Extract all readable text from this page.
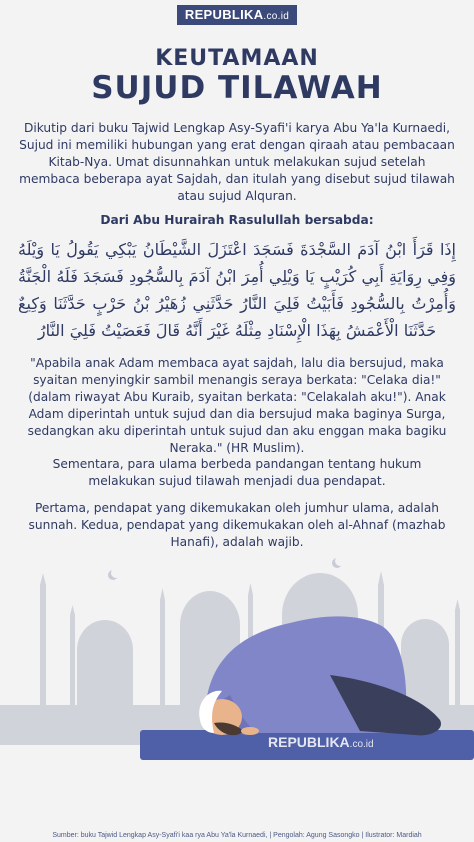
REPUBLIKA.co.id
KEUTAMAAN
SUJUD TILAWAH
Dikutip dari buku Tajwid Lengkap Asy-Syafi'i karya Abu Ya'la Kurnaedi, Sujud ini memiliki hubungan yang erat dengan qiraah atau pembacaan Kitab-Nya. Umat disunnahkan untuk melakukan sujud setelah membaca beberapa ayat Sajdah, dan itulah yang disebut sujud tilawah atau sujud Alquran.
Dari Abu Hurairah Rasulullah bersabda:
إِذَا قَرَأَ ابْنُ آدَمَ السَّجْدَةَ فَسَجَدَ اعْتَزَلَ الشَّيْطَانُ يَبْكِي يَقُولُ يَا وَيْلَهُ وَفِي رِوَايَةِ أَبِي كُرَيْبٍ يَا وَيْلِي أُمِرَ ابْنُ آدَمَ بِالسُّجُودِ فَسَجَدَ فَلَهُ الْجَنَّةُ وَأُمِرْتُ بِالسُّجُودِ فَأَبَيْتُ فَلِيَ النَّارُ حَدَّثَنِي زُهَيْرُ بْنُ حَرْبٍ حَدَّثَنَا وَكِيعٌ حَدَّثَنَا الْأَعْمَشُ بِهَذَا الْإِسْنَادِ مِثْلَهُ غَيْرَ أَنَّهُ قَالَ فَعَصَيْتُ فَلِيَ النَّارُ
"Apabila anak Adam membaca ayat sajdah, lalu dia bersujud, maka syaitan menyingkir sambil menangis seraya berkata: "Celaka dia!" (dalam riwayat Abu Kuraib, syaitan berkata: "Celakalah aku!"). Anak Adam diperintah untuk sujud dan dia bersujud maka baginya Surga, sedangkan aku diperintah untuk sujud dan aku enggan maka bagiku Neraka." (HR Muslim).
Sementara, para ulama berbeda pandangan tentang hukum melakukan sujud tilawah menjadi dua pendapat.
Pertama, pendapat yang dikemukakan oleh jumhur ulama, adalah sunnah. Kedua, pendapat yang dikemukakan oleh al-Ahnaf (mazhab Hanafi), adalah wajib.
REPUBLIKA.co.id
Sumber: buku Tajwid Lengkap Asy-Syafi'i kaa rya Abu Ya'la Kurnaedi, | Pengolah: Agung Sasongko | Ilustrator: Mardiah
